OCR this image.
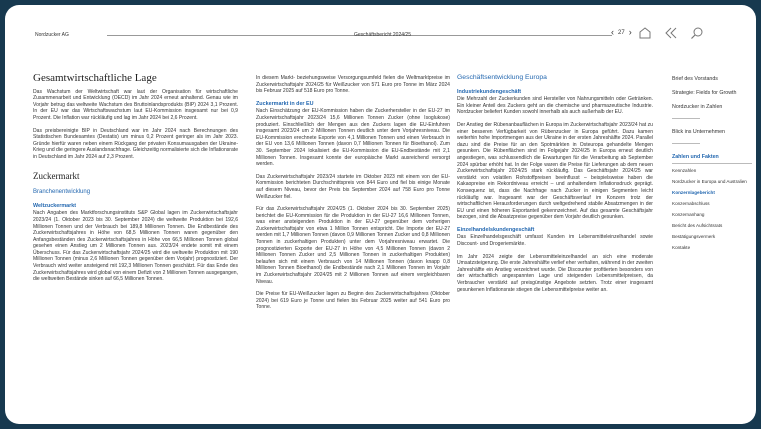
Nordzucker AG	Geschäftsbericht 2024/25	‹ 27 ›
Gesamtwirtschaftliche Lage

Das Wachstum der Weltwirtschaft war laut der Organisation für wirtschaftliche Zusammenarbeit und Entwicklung (OECD) im Jahr 2024 erneut anhaltend. Genau wie im Vorjahr betrug das weltweite Wachstum des Bruttoinlandsprodukts (BIP) 2024 3,1 Prozent. In der EU war das Wirtschaftswachstum laut EU-Kommission insgesamt nur bei 0,9 Prozent. Die Inflation war rückläufig und lag im Jahr 2024 bei 2,6 Prozent.

Das preisbereinigte BIP in Deutschland war im Jahr 2024 nach Berechnungen des Statistischen Bundesamtes (Destatis) um minus 0,2 Prozent geringer als im Jahr 2023. Gründe hierfür waren neben einem Rückgang der privaten Konsumausgaben der Ukraine-Krieg und die geringere Auslandsnachfrage. Gleichzeitig normalisierte sich die Inflationsrate in Deutschland im Jahr 2024 auf 2,3 Prozent.

Zuckermarkt
Branchenentwicklung
Weltzuckermarkt

Nach Angaben des Marktforschungsinstituts S&P Global lagen im Zuckerwirtschaftsjahr 2023/24 (1. Oktober 2023 bis 30. September 2024) die weltweite Produktion bei 192,6 Millionen Tonnen und der Verbrauch bei 189,8 Millionen Tonnen. Die Endbestände des Zuckerwirtschaftsjahres in Höhe von 68,5 Millionen Tonnen waren gegenüber den Anfangsbeständen des Zuckerwirtschaftsjahres in Höhe von 66,5 Millionen Tonnen global gesehen einen Anstieg um 2 Millionen Tonnen aus. 2023/24 endete somit mit einem Überschuss. Für das Zuckerwirtschaftsjahr 2024/25 wird die weltweite Produktion mit 190 Millionen Tonnen (minus 2,6 Millionen Tonnen gegenüber dem Vorjahr) prognostiziert. Der Verbrauch wird weiter ansteigend mit 192,3 Millionen Tonnen geschätzt. Für das Ende des Zuckerwirtschaftsjahres wird global von einem Defizit von 2 Millionen Tonnen ausgegangen, die weltweiten Bestände sinken auf 66,5 Millionen Tonnen.

In diesem Markt- beziehungsweise Versorgungsumfeld fielen die Weltmarktpreise im Zuckerwirtschaftsjahr 2024/25 für Weißzucker von 571 Euro pro Tonne im März 2024 bis Februar 2025 auf 518 Euro pro Tonne.

Zuckermarkt in der EU

Nach Einschätzung der EU-Kommission haben die Zuckerhersteller in der EU-27 im Zuckerwirtschaftsjahr 2023/24 15,6 Millionen Tonnen Zucker (ohne Isoglukose) produziert. Einschließlich der Mengen aus den Zuckers lagen die EU-Einfuhren insgesamt 2023/24 um 2 Millionen Tonnen deutlich unter dem Vorjahresniveau. Die EU-Kommission erechnete Exporte von 4,1 Millionen Tonnen und einen Verbrauch in der EU von 13,6 Millionen Tonnen (davon 0,7 Millionen Tonnen für Bioethanol). Zum 30. September 2024 lokalisiert die EU-Kommission die EU-Endbestände mit 2,1 Millionen Tonnen. Insgesamt konnte der europäische Markt ausreichend versorgt werden.

Das Zuckerwirtschaftsjahr 2023/24 startete im Oktober 2023 mit einem von der EU-Kommission berichteten Durchschnittspreis von 844 Euro und fiel bis einige Monate auf diesem Niveau, bevor der Preis bis September 2024 auf 758 Euro pro Tonne Weißzucker fiel.

Für das Zuckerwirtschaftsjahr 2024/25 (1. Oktober 2024 bis 30. September 2025) berichtet die EU-Kommission für die Produktion in der EU-27 16,6 Millionen Tonnen, was einer ansteigenden Produktion in der EU-27 gegenüber dem vorherigen Zuckerwirtschaftsjahr von etwa 1 Million Tonnen entspricht. Die Importe der EU-27 werden mit 1,7 Millionen Tonnen (davon 0,9 Millionen Tonnen Zucker und 0,8 Millionen Tonnen in zuckerhaltigen Produkten) unter dem Vorjahresniveau erwartet. Die prognostizierten Exporte der EU-27 in Höhe von 4,5 Millionen Tonnen (davon 2 Millionen Tonnen Zucker und 2,5 Millionen Tonnen in zuckerhaltigen Produkten) belaufen sich mit einem Verbrauch von 14 Millionen Tonnen (davon knapp 0,8 Millionen Tonnen Bioethanol) die Endbestände nach 2,1 Millionen Tonnen im Vorjahr im Zuckerwirtschaftsjahr 2024/25 mit 2 Millionen Tonnen auf einem vergleichbaren Niveau.

Die Preise für EU-Weißzucker lagen zu Beginn des Zuckerwirtschaftsjahres (Oktober 2024) bei 619 Euro je Tonne und fielen bis Februar 2025 weiter auf 541 Euro pro Tonne.

Geschäftsentwicklung Europa
Industriekundengeschäft

Die Mehrzahl der Zuckerkunden sind Hersteller von Nahrungsmitteln oder Getränken. Ein kleiner Anteil des Zuckers geht an die chemische und pharmazeutische Industrie. Nordzucker beliefert Kunden sowohl innerhalb als auch außerhalb der EU.

Der Anstieg der Rübenanbauflächen in Europa im Zuckerwirtschaftsjahr 2023/24 hat zu einer besseren Verfügbarkeit von Rübenzucker in Europa geführt. Dazu kamen weiterhin hohe Importmengen aus der Ukraine in der ersten Jahreshälfte 2024. Parallel dazu sind die Preise für an den Spotmärkten in Osteuropa gehandelte Mengen gesunken. Die Rübenflächen sind im Folgejahr 2024/25 in Europa erneut deutlich angestiegen, was schlussendlich die Erwartungen für die Verarbeitung ab September 2024 spürbar erhöht hat. In der Folge waren die Preise für Lieferungen ab dem neuen Zuckerwirtschaftsjahr 2024/25 stark rückläufig. Das Geschäftsjahr 2024/25 war verstärkt von volatilen Rohstoffpreisen beeinflusst – beispielsweise haben die Kakaopreise ein Rekordniveau erreicht – und anhaltendem Inflationsdruck geprägt. Konsequenz ist, dass die Nachfrage nach Zucker in einigen Segmenten leicht rückläufig war. Insgesamt war der Geschäftsverlauf im Konzern trotz der wirtschaftlichen Herausforderungen durch weltgedrehend stabile Absatzmengen in der EU und einen höheren Exportanteil gekennzeichnet. Auf das gesamte Geschäftsjahr bezogen, sind die Absatzpreise gegenüber dem Vorjahr deutlich gesunken.

Einzelhandelskundengeschäft

Das Einzelhandelsgeschäft umfasst Kunden im Lebensmitteleinzelhandel sowie Discount- und Drogeriemärkte.

Im Jahr 2024 zeigte der Lebensmitteleinzelhandel an sich eine moderate Umsatzsteigerung. Die erste Jahreshälfte verlief eher verhalten, während in der zweiten Jahreshälfte ein Anstieg verzeichnet wurde. Die Discounter profitierten besonders von der wirtschaftlich angespannten Lage und steigenden Lebensmittelpreisen, da Verbraucher verstärkt auf preisgünstige Angebote setzten. Trotz einer insgesamt gesunkenen Inflationsrate stiegen die Lebensmittelpreise weiter an.

Brief des Vorstands
Strategie: Fields for Growth
Nordzucker in Zahlen
Blick ins Unternehmen
Zahlen und Fakten
Kennzahlen
Nordzucker in Europa und Australien
Konzernlagebericht
Konzernabschluss
Konzernanhang
Bericht des Aufsichtsrats
Bestätigungsvermerk
Kontakte
